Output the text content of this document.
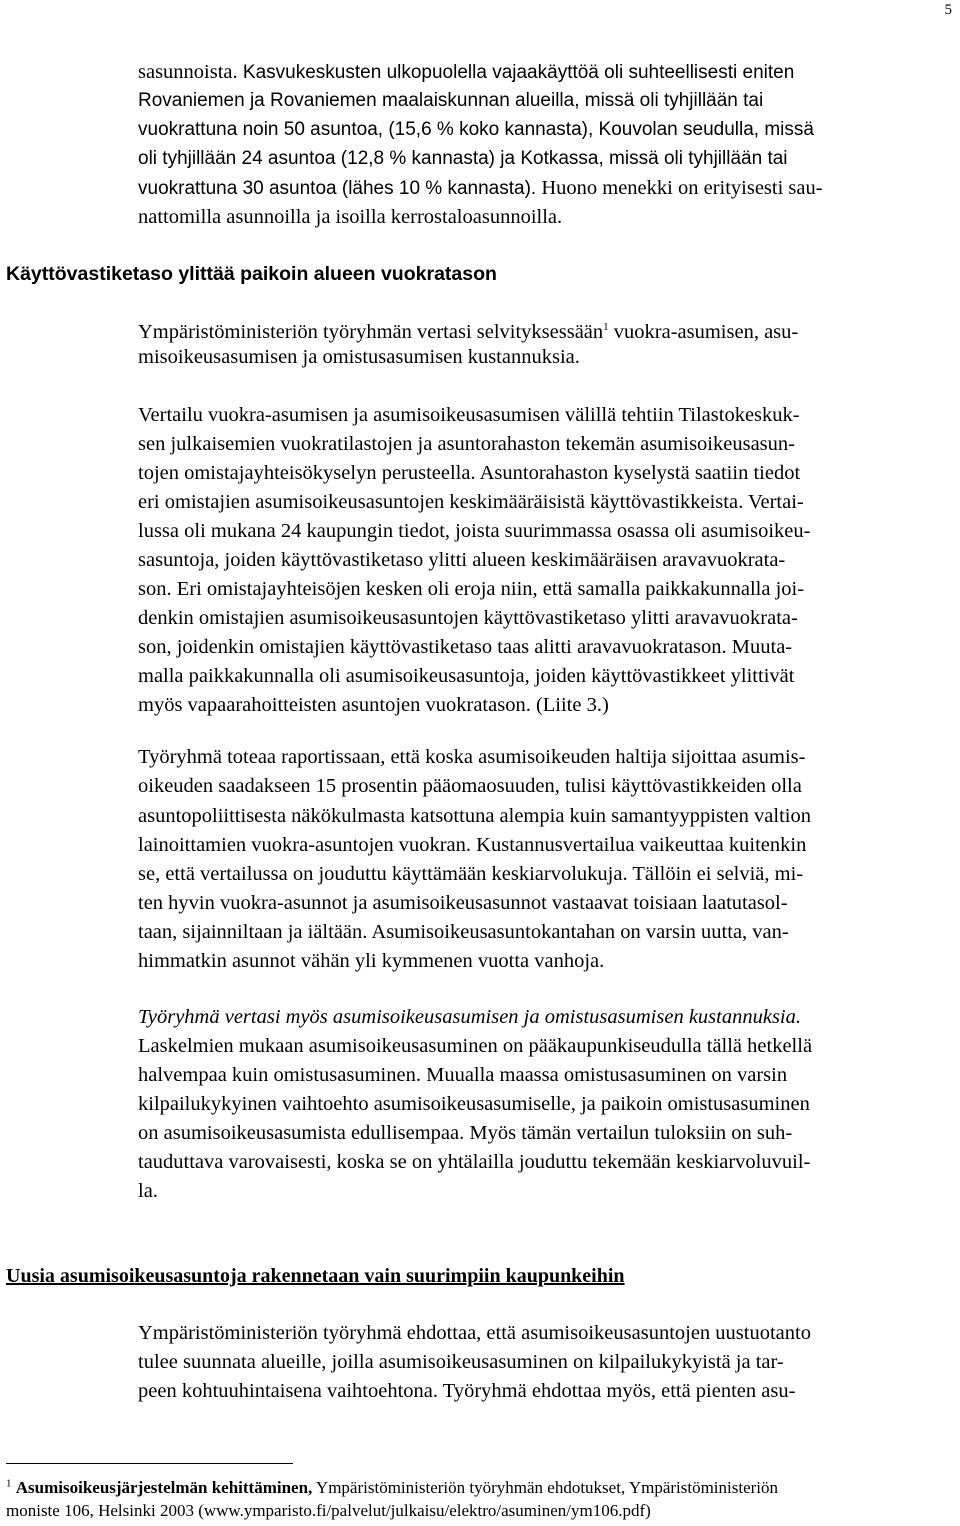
5
sasunnoista. Kasvukeskusten ulkopuolella vajaakäyttöä oli suhteellisesti eniten
Rovaniemen ja Rovaniemen maalaiskunnan alueilla, missä oli tyhjillään tai
vuokrattuna noin 50 asuntoa, (15,6 % koko kannasta), Kouvolan seudulla, missä
oli tyhjillään 24 asuntoa (12,8 % kannasta) ja Kotkassa, missä oli tyhjillään tai
vuokrattuna 30 asuntoa (lähes 10 % kannasta). Huono menekki on erityisesti sau-
nattomilla asunnoilla ja isoilla kerrostaloasunnoilla.
Käyttövastiketaso ylittää paikoin alueen vuokratason
Ympäristöministeriön työryhmän vertasi selvityksessään$^1$ vuokra-asumisen, asu-
misoikeusasumisen ja omistusasumisen kustannuksia.
Vertailu vuokra-asumisen ja asumisoikeusasumisen välillä tehtiin Tilastokeskuk-
sen julkaisemien vuokratilastojen ja asuntorahaston tekemän asumisoikeusasun-
tojen omistajayhteisökyselyn perusteella. Asuntorahaston kyselystä saatiin tiedot
eri omistajien asumisoikeusasuntojen keskimääräisistä käyttövastikkeista. Vertai-
lussa oli mukana 24 kaupungin tiedot, joista suurimmassa osassa oli asumisoikeu-
sasuntoja, joiden käyttövastiketaso ylitti alueen keskimääräisen aravavuokrata-
son. Eri omistajayhteisöjen kesken oli eroja niin, että samalla paikkakunnalla joi-
denkin omistajien asumisoikeusasuntojen käyttövastiketaso ylitti aravavuokrata-
son, joidenkin omistajien käyttövastiketaso taas alitti aravavuokratason. Muuta-
malla paikkakunnalla oli asumisoikeusasuntoja, joiden käyttövastikkeet ylittivät
myös vapaarahoitteisten asuntojen vuokratason. (Liite 3.)
Työryhmä toteaa raportissaan, että koska asumisoikeuden haltija sijoittaa asumis-
oikeuden saadakseen 15 prosentin pääomaosuuden, tulisi käyttövastikkeiden olla
asuntopoliittisesta näkökulmasta katsottuna alempia kuin samantyyppisten valtion
lainoittamien vuokra-asuntojen vuokran. Kustannusvertailua vaikeuttaa kuitenkin
se, että vertailussa on jouduttu käyttämään keskiarvolukuja. Tällöin ei selviä, mi-
ten hyvin vuokra-asunnot ja asumisoikeusasunnot vastaavat toisiaan laatutasol-
taan, sijainniltaan ja iältään. Asumisoikeusasuntokantahan on varsin uutta, van-
himmatkin asunnot vähän yli kymmenen vuotta vanhoja.
Työryhmä vertasi myös asumisoikeusasumisen ja omistusasumisen kustannuksia.
Laskelmien mukaan asumisoikeusasuminen on pääkaupunkiseudulla tällä hetkellä
halvempaa kuin omistusasuminen. Muualla maassa omistusasuminen on varsin
kilpailukykyinen vaihtoehto asumisoikeusasumiselle, ja paikoin omistusasuminen
on asumisoikeusasumista edullisempaa. Myös tämän vertailun tuloksiin on suh-
tauduttava varovaisesti, koska se on yhtälailla jouduttu tekemään keskiarvoluvuil-
la.
Uusia asumisoikeusasuntoja rakennetaan vain suurimpiin kaupunkeihin
Ympäristöministeriön työryhmä ehdottaa, että asumisoikeusasuntojen uustuotanto
tulee suunnata alueille, joilla asumisoikeusasuminen on kilpailukykyistä ja tar-
peen kohtuuhintaisena vaihtoehtona. Työryhmä ehdottaa myös, että pienten asu-
$^1$ Asumisoikeusjärjestelmän kehittäminen, Ympäristöministeriön työryhmän ehdotukset, Ympäristöministeriön
moniste 106, Helsinki 2003 (www.ymparisto.fi/palvelut/julkaisu/elektro/asuminen/ym106.pdf)
